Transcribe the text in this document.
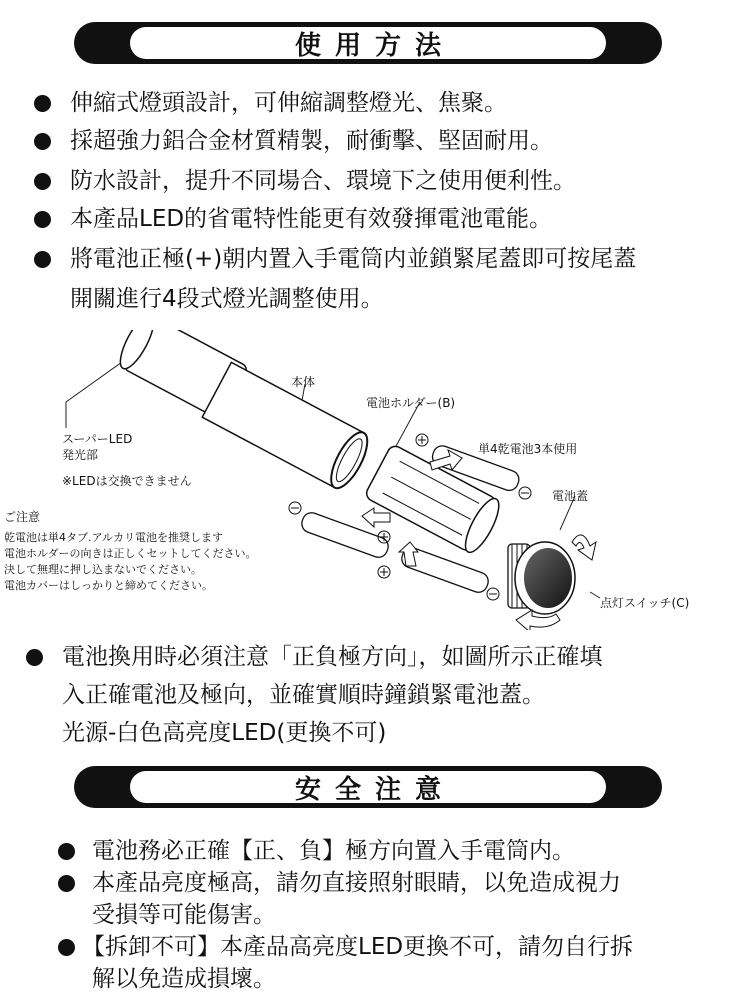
使用方法
伸縮式燈頭設計，可伸縮調整燈光、焦聚。
採超強力鋁合金材質精製，耐衝擊、堅固耐用。
防水設計，提升不同場合、環境下之使用便利性。
本產品LED的省電特性能更有效發揮電池電能。
將電池正極(+)朝内置入手電筒内並鎖緊尾蓋即可按尾蓋
開關進行4段式燈光調整使用。
本体
電池ホルダー(B)
スーパーLED
発光部
※LEDは交換できません
単4乾電池3本使用
電池蓋
点灯スイッチ(C)
ご注意
乾電池は単4タブ.アルカリ電池を推奨します
電池ホルダーの向きは正しくセットしてください。
決して無理に押し込まないでください。
電池カバーはしっかりと締めてください。
電池換用時必須注意「正負極方向」，如圖所示正確填
入正確電池及極向，並確實順時鐘鎖緊電池蓋。
光源-白色高亮度LED(更換不可)
安全注意
電池務必正確【正、負】極方向置入手電筒内。
本產品亮度極高，請勿直接照射眼睛，以免造成視力
受損等可能傷害。
【拆卸不可】本產品高亮度LED更換不可，請勿自行拆
解以免造成損壞。
